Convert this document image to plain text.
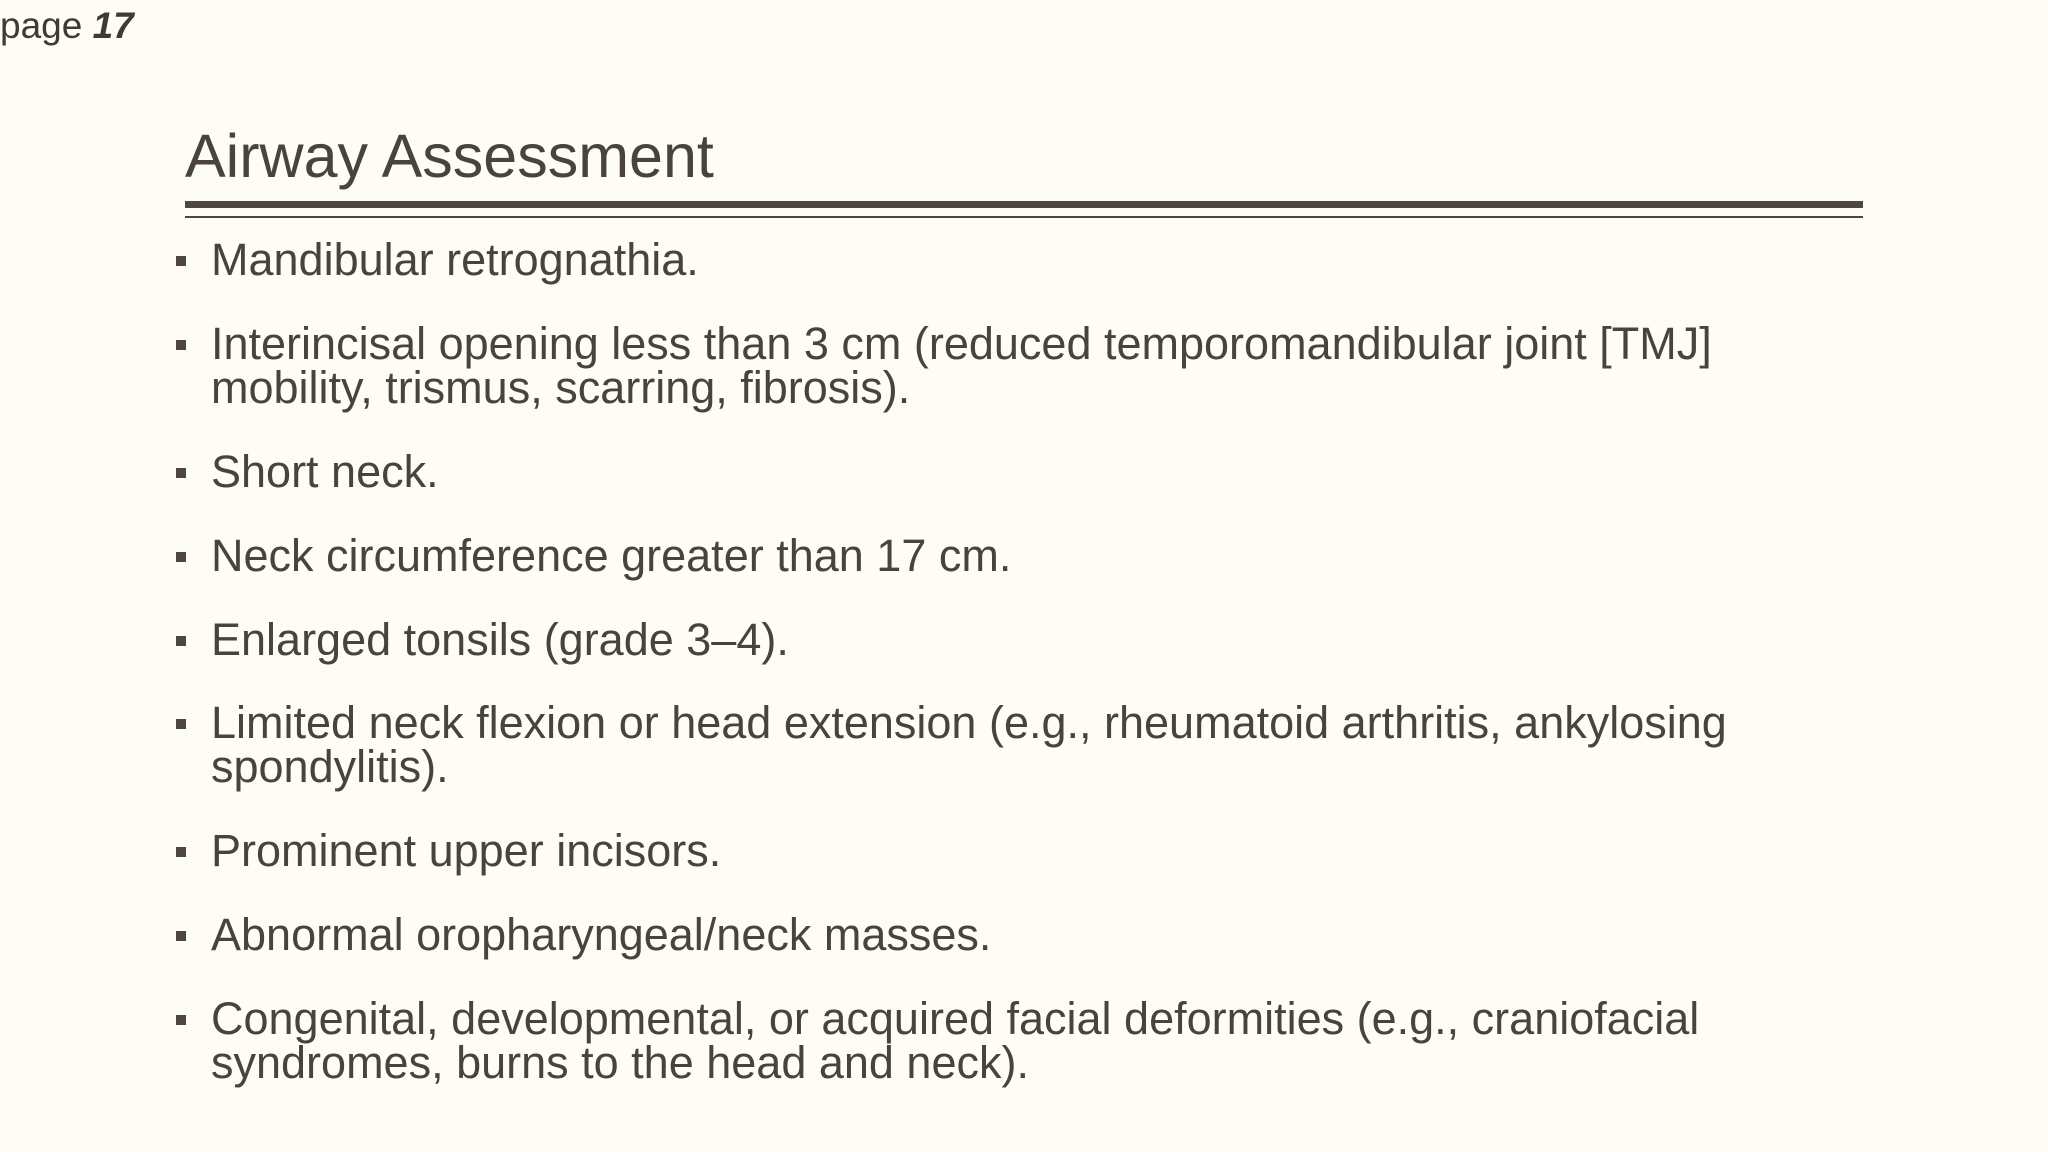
page 17
Airway Assessment
Mandibular retrognathia.
Interincisal opening less than 3 cm (reduced temporomandibular joint [TMJ]
mobility, trismus, scarring, fibrosis).
Short neck.
Neck circumference greater than 17 cm.
Enlarged tonsils (grade 3–4).
Limited neck flexion or head extension (e.g., rheumatoid arthritis, ankylosing
spondylitis).
Prominent upper incisors.
Abnormal oropharyngeal/neck masses.
Congenital, developmental, or acquired facial deformities (e.g., craniofacial
syndromes, burns to the head and neck).
